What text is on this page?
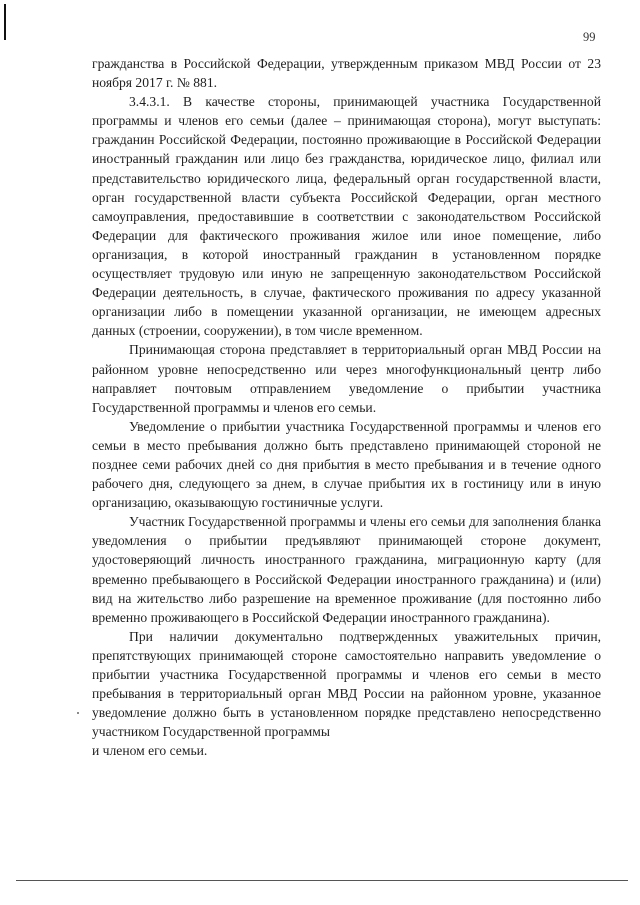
99

гражданства в Российской Федерации, утвержденным приказом МВД России от 23 ноября 2017 г. № 881.

3.4.3.1. В качестве стороны, принимающей участника Государственной программы и членов его семьи (далее – принимающая сторона), могут выступать: гражданин Российской Федерации, постоянно проживающие в Российской Федерации иностранный гражданин или лицо без гражданства, юридическое лицо, филиал или представительство юридического лица, федеральный орган государственной власти, орган государственной власти субъекта Российской Федерации, орган местного самоуправления, предоставившие в соответствии с законодательством Российской Федерации для фактического проживания жилое или иное помещение, либо организация, в которой иностранный гражданин в установленном порядке осуществляет трудовую или иную не запрещенную законодательством Российской Федерации деятельность, в случае, фактического проживания по адресу указанной организации либо в помещении указанной организации, не имеющем адресных данных (строении, сооружении), в том числе временном.

Принимающая сторона представляет в территориальный орган МВД России на районном уровне непосредственно или через многофункциональный центр либо направляет почтовым отправлением уведомление о прибытии участника Государственной программы и членов его семьи.

Уведомление о прибытии участника Государственной программы и членов его семьи в место пребывания должно быть представлено принимающей стороной не позднее семи рабочих дней со дня прибытия в место пребывания и в течение одного рабочего дня, следующего за днем, в случае прибытия их в гостиницу или в иную организацию, оказывающую гостиничные услуги.

Участник Государственной программы и члены его семьи для заполнения бланка уведомления о прибытии предъявляют принимающей стороне документ, удостоверяющий личность иностранного гражданина, миграционную карту (для временно пребывающего в Российской Федерации иностранного гражданина) и (или) вид на жительство либо разрешение на временное проживание (для постоянно либо временно проживающего в Российской Федерации иностранного гражданина).

При наличии документально подтвержденных уважительных причин, препятствующих принимающей стороне самостоятельно направить уведомление о прибытии участника Государственной программы и членов его семьи в место пребывания в территориальный орган МВД России на районном уровне, указанное уведомление должно быть в установленном порядке представлено непосредственно участником Государственной программы

и членом его семьи.
